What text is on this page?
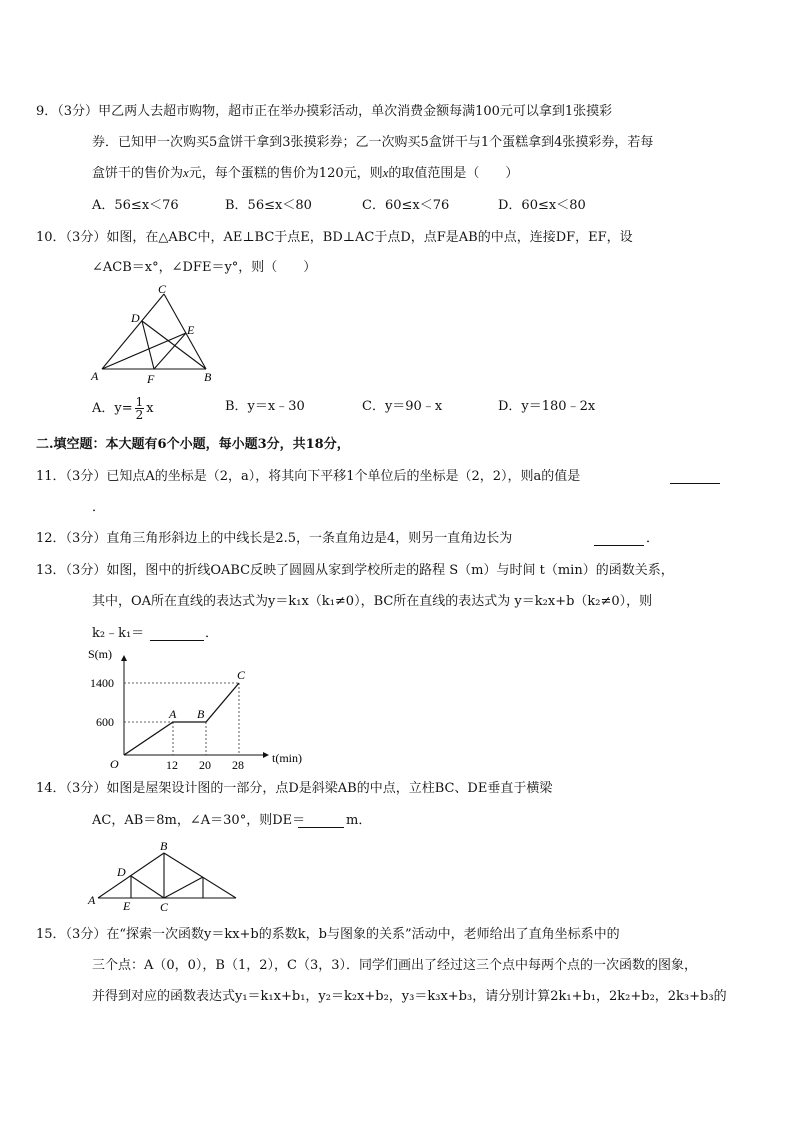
9．（3分）甲乙两人去超市购物，超市正在举办摸彩活动，单次消费金额每满100元可以拿到1张摸彩
券．已知甲一次购买5盒饼干拿到3张摸彩券；乙一次购买5盒饼干与1个蛋糕拿到4张摸彩券，若每
盒饼干的售价为x元，每个蛋糕的售价为120元，则x的取值范围是（　　）
A．56≤x＜76	B．56≤x＜80	C．60≤x＜76	D．60≤x＜80
10．（3分）如图，在△ABC中，AE⊥BC于点E，BD⊥AC于点D，点F是AB的中点，连接DF，EF，设
∠ACB＝x°，∠DFE＝y°，则（　　）
C
D
E
A	B
F
A．$y= \frac{1}{2}$ x	B．y＝x﹣30	C．y＝90﹣x	D．y＝180﹣2x
二.填空题：本大题有6个小题，每小题3分，共18分，
11．（3分）已知点A的坐标是（2，a），将其向下平移1个单位后的坐标是（2，2），则a的值是
．
12．（3分）直角三角形斜边上的中线长是2.5，一条直角边是4，则另一直角边长为	．
13．（3分）如图，图中的折线OABC反映了圆圆从家到学校所走的路程 S（m）与时间 t（min）的函数关系，
其中，OA所在直线的表达式为y＝k₁x（k₁≠0），BC所在直线的表达式为 y＝k₂x+b（k₂≠0），则
k₂﹣k₁＝	．
S(m)
t(min)
1400
600
12 20 28
O
A B
C
14．（3分）如图是屋架设计图的一部分，点D是斜梁AB的中点，立柱BC、DE垂直于横梁
AC，AB＝8m，∠A＝30°，则DE＝	m．
A
B
C
D
E
15．（3分）在“探索一次函数y＝kx+b的系数k，b与图象的关系”活动中，老师给出了直角坐标系中的
三个点：A（0，0），B（1，2），C（3，3）．同学们画出了经过这三个点中每两个点的一次函数的图象，
并得到对应的函数表达式y₁＝k₁x+b₁，y₂＝k₂x+b₂，y₃＝k₃x+b₃，请分别计算2k₁+b₁，2k₂+b₂，2k₃+b₃的
